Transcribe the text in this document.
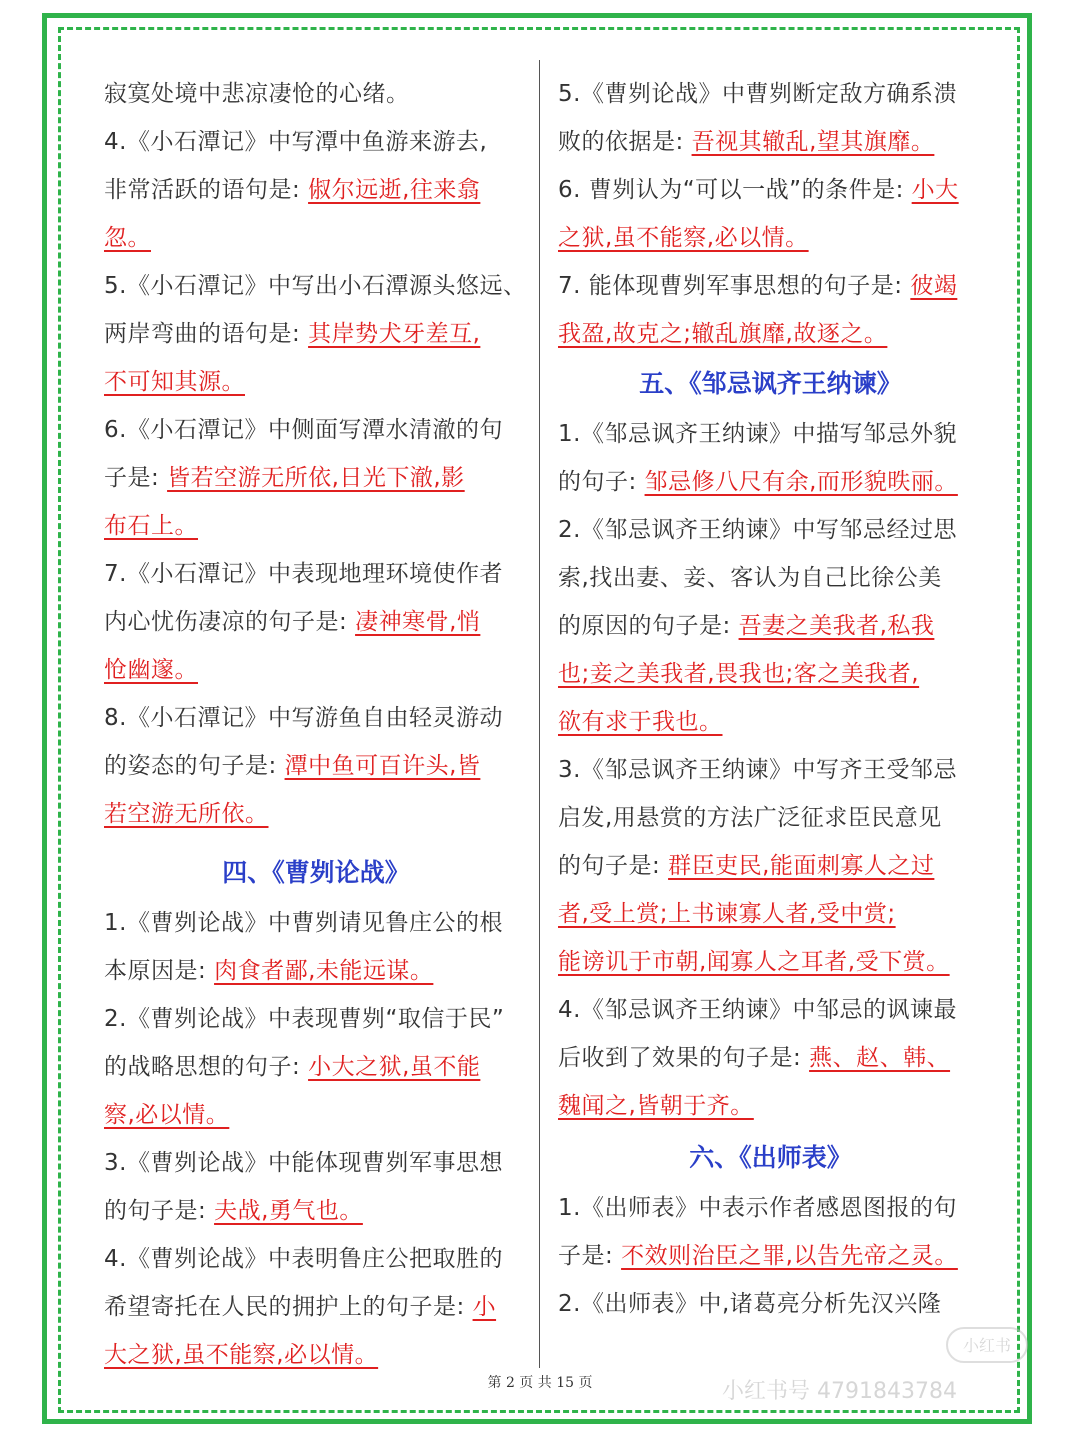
寂寞处境中悲凉凄怆的心绪。

4.《小石潭记》中写潭中鱼游来游去,

非常活跃的语句是: 俶尔远逝,往来翕

忽。

5.《小石潭记》中写出小石潭源头悠远、

两岸弯曲的语句是: 其岸势犬牙差互,

不可知其源。

6.《小石潭记》中侧面写潭水清澈的句

子是: 皆若空游无所依,日光下澈,影

布石上。

7.《小石潭记》中表现地理环境使作者

内心忧伤凄凉的句子是: 凄神寒骨,悄

怆幽邃。

8.《小石潭记》中写游鱼自由轻灵游动

的姿态的句子是: 潭中鱼可百许头,皆

若空游无所依。

四、《曹刿论战》

1.《曹刿论战》中曹刿请见鲁庄公的根

本原因是: 肉食者鄙,未能远谋。

2.《曹刿论战》中表现曹刿“取信于民”

的战略思想的句子: 小大之狱,虽不能

察,必以情。

3.《曹刿论战》中能体现曹刿军事思想

的句子是: 夫战,勇气也。

4.《曹刿论战》中表明鲁庄公把取胜的

希望寄托在人民的拥护上的句子是: 小

大之狱,虽不能察,必以情。

5.《曹刿论战》中曹刿断定敌方确系溃

败的依据是: 吾视其辙乱,望其旗靡。

6. 曹刿认为“可以一战”的条件是: 小大

之狱,虽不能察,必以情。

7. 能体现曹刿军事思想的句子是: 彼竭

我盈,故克之;辙乱旗靡,故逐之。

五、《邹忌讽齐王纳谏》

1.《邹忌讽齐王纳谏》中描写邹忌外貌

的句子: 邹忌修八尺有余,而形貌昳丽。

2.《邹忌讽齐王纳谏》中写邹忌经过思

索,找出妻、妾、客认为自己比徐公美

的原因的句子是: 吾妻之美我者,私我

也;妾之美我者,畏我也;客之美我者,

欲有求于我也。

3.《邹忌讽齐王纳谏》中写齐王受邹忌

启发,用悬赏的方法广泛征求臣民意见

的句子是: 群臣吏民,能面刺寡人之过

者,受上赏;上书谏寡人者,受中赏;

能谤讥于市朝,闻寡人之耳者,受下赏。

4.《邹忌讽齐王纳谏》中邹忌的讽谏最

后收到了效果的句子是: 燕、赵、韩、

魏闻之,皆朝于齐。

六、《出师表》

1.《出师表》中表示作者感恩图报的句

子是: 不效则治臣之罪,以告先帝之灵。

2.《出师表》中,诸葛亮分析先汉兴隆

第 2 页 共 15 页	小红书号 4791843784
小红书
